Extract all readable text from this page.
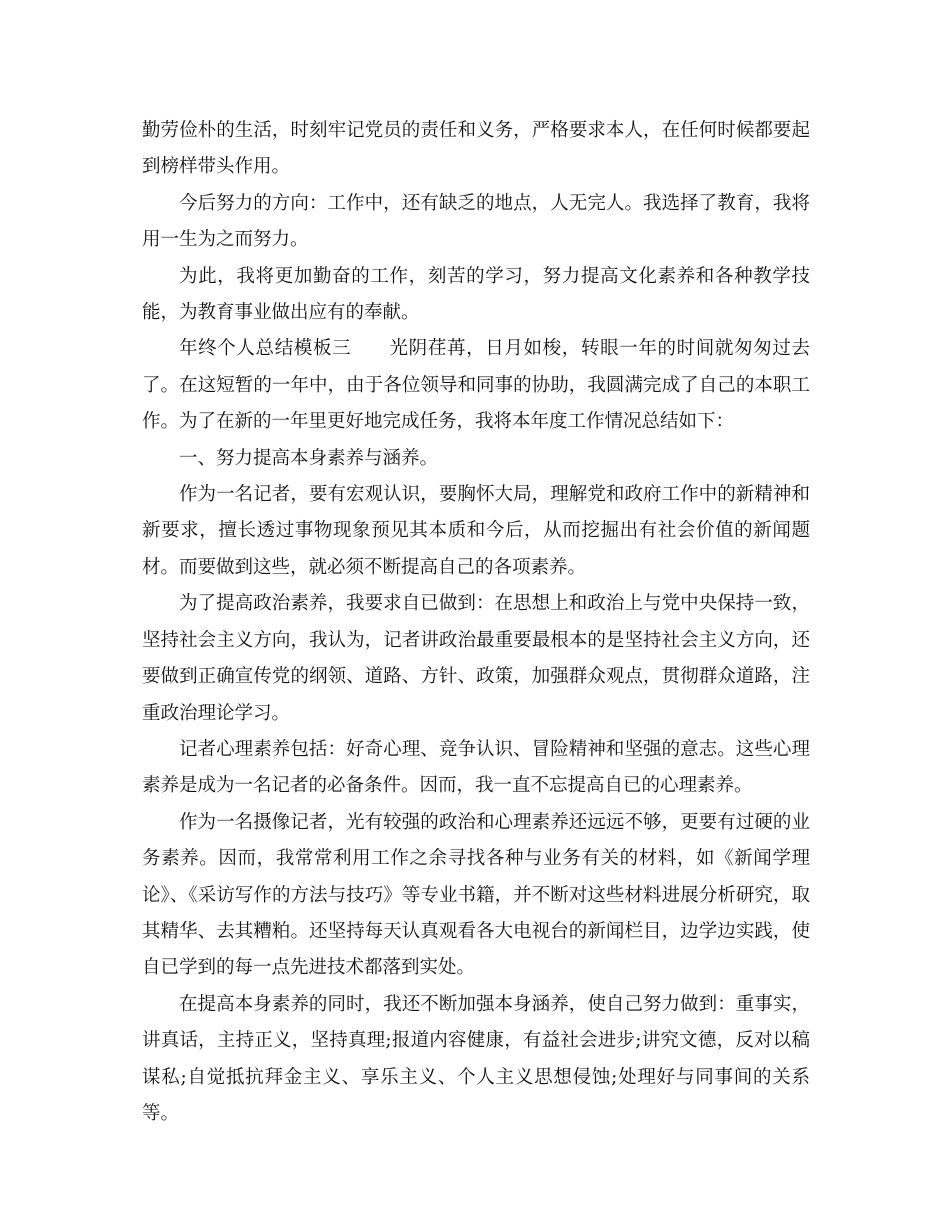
勤劳俭朴的生活，时刻牢记党员的责任和义务，严格要求本人，在任何时候都要起到榜样带头作用。

今后努力的方向：工作中，还有缺乏的地点，人无完人。我选择了教育，我将用一生为之而努力。

为此，我将更加勤奋的工作，刻苦的学习，努力提高文化素养和各种教学技能，为教育事业做出应有的奉献。

年终个人总结模板三　　光阴荏苒，日月如梭，转眼一年的时间就匆匆过去了。在这短暂的一年中，由于各位领导和同事的协助，我圆满完成了自己的本职工作。为了在新的一年里更好地完成任务，我将本年度工作情况总结如下：

一、努力提高本身素养与涵养。

作为一名记者，要有宏观认识，要胸怀大局，理解党和政府工作中的新精神和新要求，擅长透过事物现象预见其本质和今后，从而挖掘出有社会价值的新闻题材。而要做到这些，就必须不断提高自己的各项素养。

为了提高政治素养，我要求自已做到：在思想上和政治上与党中央保持一致，坚持社会主义方向，我认为，记者讲政治最重要最根本的是坚持社会主义方向，还要做到正确宣传党的纲领、道路、方针、政策，加强群众观点，贯彻群众道路，注重政治理论学习。

记者心理素养包括：好奇心理、竞争认识、冒险精神和坚强的意志。这些心理素养是成为一名记者的必备条件。因而，我一直不忘提高自已的心理素养。

作为一名摄像记者，光有较强的政治和心理素养还远远不够，更要有过硬的业务素养。因而，我常常利用工作之余寻找各种与业务有关的材料，如《新闻学理论》、《采访写作的方法与技巧》等专业书籍，并不断对这些材料进展分析研究，取其精华、去其糟粕。还坚持每天认真观看各大电视台的新闻栏目，边学边实践，使自已学到的每一点先进技术都落到实处。

在提高本身素养的同时，我还不断加强本身涵养，使自己努力做到：重事实，讲真话，主持正义，坚持真理;报道内容健康，有益社会进步;讲究文德，反对以稿谋私;自觉抵抗拜金主义、享乐主义、个人主义思想侵蚀;处理好与同事间的关系等。
